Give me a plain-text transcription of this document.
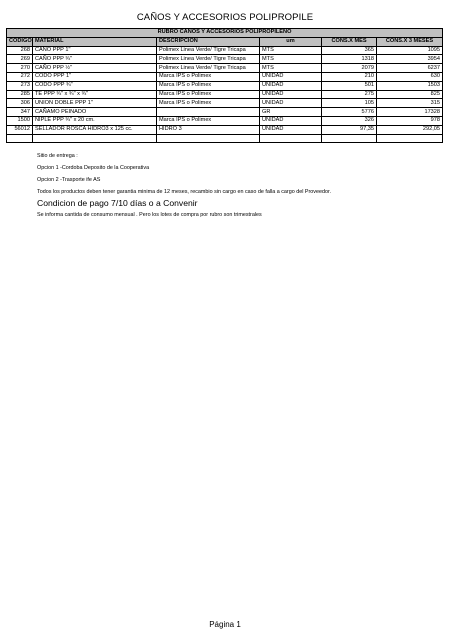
CAÑOS Y ACCESORIOS POLIPROPILE
RUBRO CAÑOS Y ACCESORIOS POLIPROPILENO					
CODIGO	MATERIAL	DESCRIPCION	um	CONS.X MES	CONS.X 3 MESES
268	CAÑO PPP 1"	Polimex Linea Verde/ Tigre Tricapa	MTS	365	1095
269	CAÑO PPP ¾"	Polimex Linea Verde/ Tigre Tricapa	MTS	1318	3954
270	CAÑO PPP ½"	Polimex Linea Verde/ Tigre Tricapa	MTS	2079	6237
272	CODO PPP 1"	Marca IPS o Polimex	UNIDAD	210	630
273	CODO PPP ¾"	Marca IPS o Polimex	UNIDAD	501	1503
285	TE PPP ¾" x ¾" x ¾"	Marca IPS o Polimex	UNIDAD	275	825
306	UNION DOBLE PPP 1"	Marca IPS o Polimex	UNIDAD	105	315
347	CAÑAMO PEINADO		GR	5776	17328
1500	NIPLE PPP ¾" x 20 cm.	Marca IPS o Polimex	UNIDAD	326	978
56012	SELLADOR ROSCA HIDRO3 x 125 cc.	HIDRO 3	UNIDAD	97,35	292,05

Sitio de entrega :
Opcion 1 -Cordoba Deposito de la Cooperativa
Opcion 2 -Trasporte ife AS
Todos los productos deben tener garantia minima de 12 meses, recambio sin cargo en caso de falla a cargo del Proveedor.
Condicion de pago 7/10 días o a Convenir
Se informa cantida de consumo mensual . Pero los lotes de compra por rubro son trimestrales
Página 1
